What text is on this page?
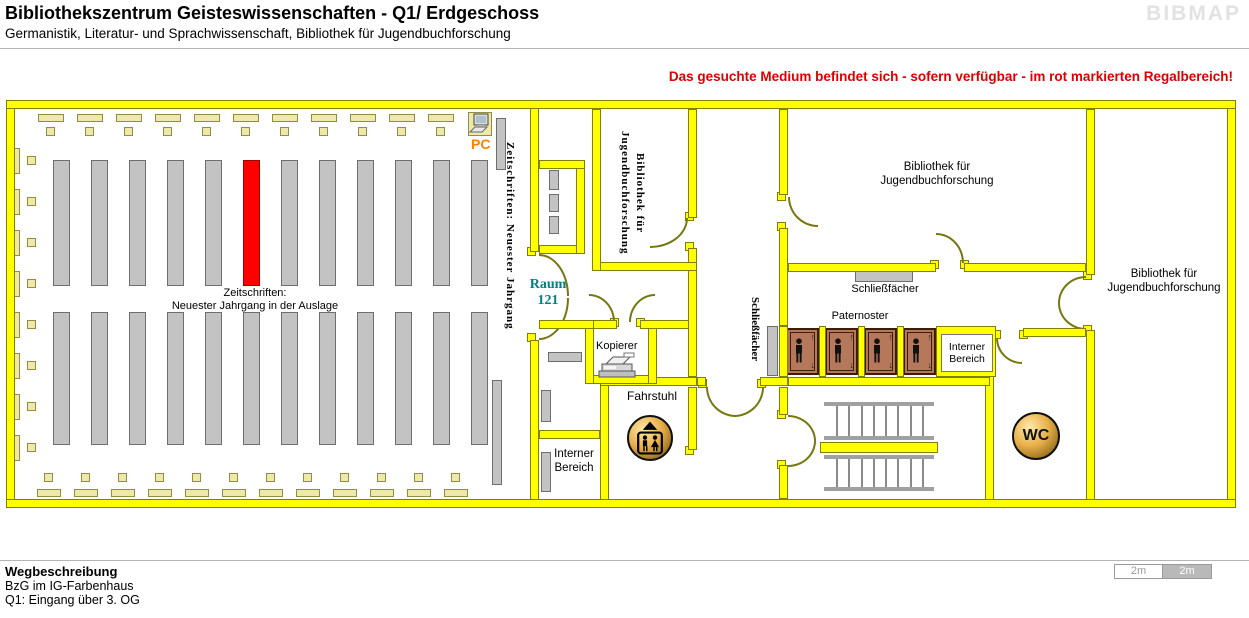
Bibliothekszentrum Geisteswissenschaften - Q1/ Erdgeschoss
Germanistik, Literatur- und Sprachwissenschaft, Bibliothek für Jugendbuchforschung
BIBMAP
Das gesuchte Medium befindet sich - sofern verfügbar - im rot markierten Regalbereich!
↑
↓
↑
↓
↑
↓
↑
↓
PC Zeitschriften: Neuester Jahrgang
Zeitschriften:
Neuester Jahrgang in der Auslage
Raum
121
Bibliothek für
Jugendbuchforschung	Bibliothek für
Jugendbuchforschung
Bibliothek für
Jugendbuchforschung
Schließfächer
Schließfächer	Paternoster
Interner
Bereich
Interner
Bereich
Kopierer
Fahrstuhl
WC
Wegbeschreibung
BzG im IG-Farbenhaus
Q1: Eingang über 3. OG
2m	2m
